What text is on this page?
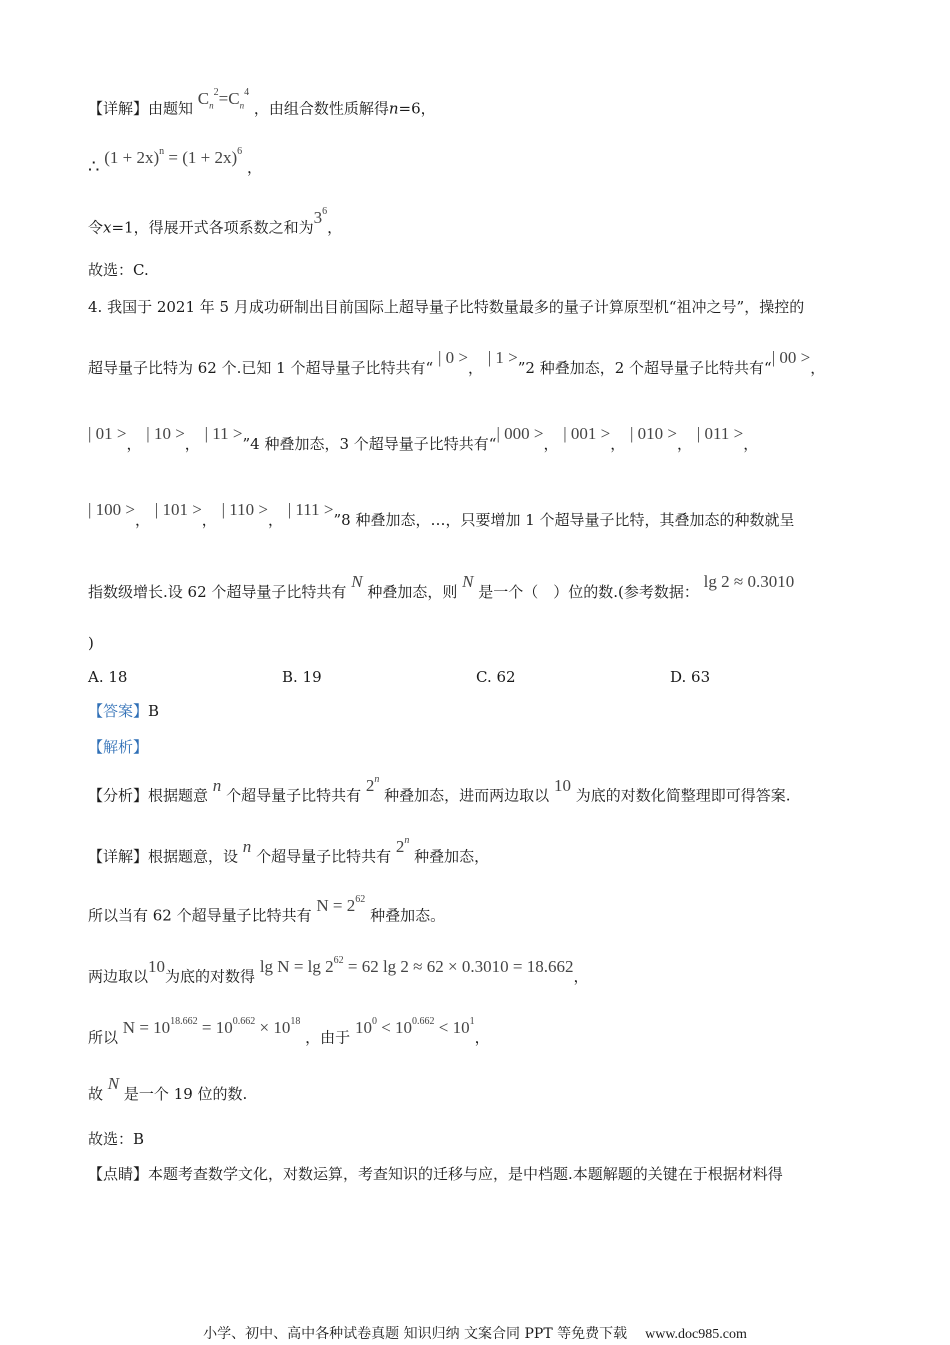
【详解】由题知 $C_n^2=C_n^4$ ，由组合数性质解得n=6，
∴ $(1 + 2x)^n = (1 + 2x)^6$ ，
令x=1，得展开式各项系数之和为$3^6$，
故选：C.
4. 我国于 2021 年 5 月成功研制出目前国际上超导量子比特数量最多的量子计算原型机“祖冲之号”，操控的
超导量子比特为 62 个.已知 1 个超导量子比特共有“ | 0 >， | 1 >”2 种叠加态，2 个超导量子比特共有“| 00 >，
| 01 >， | 10 >， | 11 >”4 种叠加态，3 个超导量子比特共有“| 000 >， | 001 >， | 010 >， | 011 >，
| 100 >， | 101 >， | 110 >， | 111 >”8 种叠加态，…，只要增加 1 个超导量子比特，其叠加态的种数就呈
指数级增长.设 62 个超导量子比特共有 N 种叠加态，则 N 是一个（　）位的数.(参考数据： lg 2 ≈ 0.3010
)
A. 18	B. 19	C. 62	D. 63
【答案】B
【解析】
【分析】根据题意 n 个超导量子比特共有 2$^n$ 种叠加态，进而两边取以 10 为底的对数化简整理即可得答案.
【详解】根据题意，设 n 个超导量子比特共有 2$^n$ 种叠加态，
所以当有 62 个超导量子比特共有 $N = 2^{62}$ 种叠加态。
两边取以10为底的对数得 $\lg N = \lg 2^{62} = 62$ lg 2 ≈ 62 × 0.3010 = 18.662，
所以 $N = 10^{18.662} = 10^{0.662} \times 10^{18}$ ，由于 $10^0 < 10^{0.662} < 10^1$，
故 N 是一个 19 位的数.
故选：B
【点睛】本题考查数学文化，对数运算，考查知识的迁移与应，是中档题.本题解题的关键在于根据材料得
小学、初中、高中各种试卷真题 知识归纳 文案合同 PPT 等免费下载 www.doc985.com
